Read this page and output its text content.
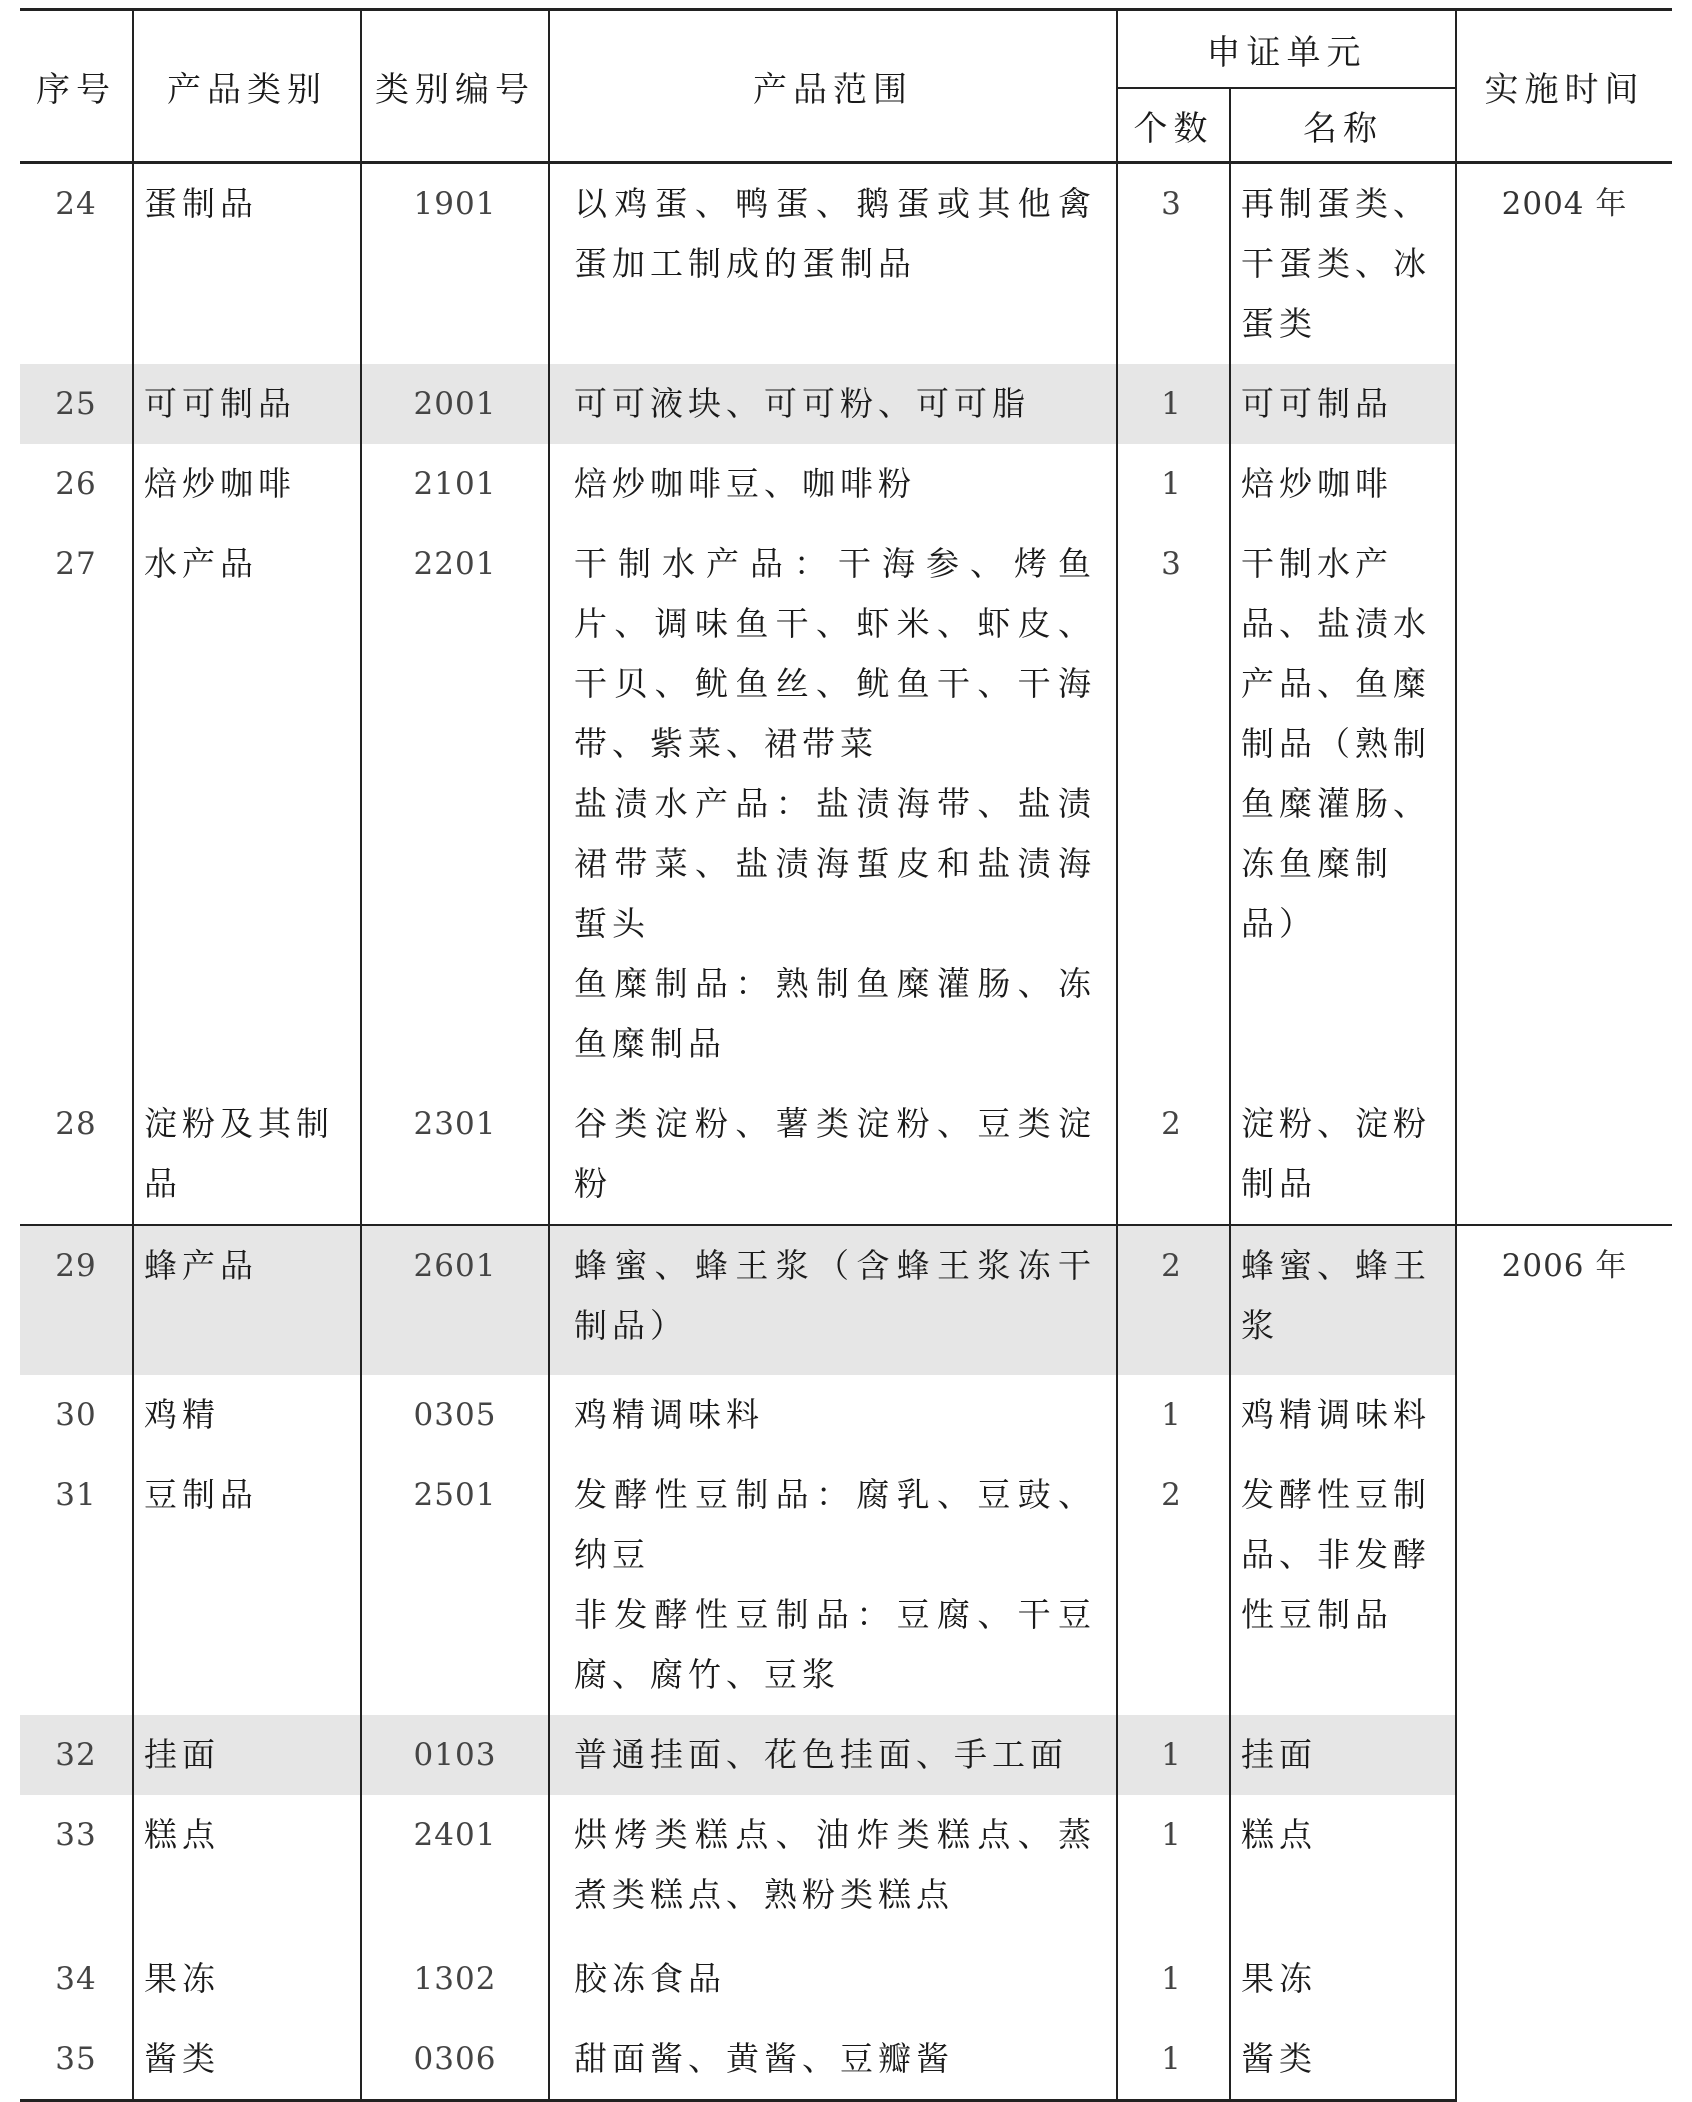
序号	产品类别	类别编号	产品范围	申证单元		实施时间
				个数	名称	
24	蛋制品	1901	以鸡蛋、鸭蛋、鹅蛋或其他禽蛋加工制成的蛋制品	3	再制蛋类、干蛋类、冰蛋类	2004 年
25	可可制品	2001	可可液块、可可粉、可可脂	1	可可制品	
26	焙炒咖啡	2101	焙炒咖啡豆、咖啡粉	1	焙炒咖啡	
27	水产品	2201	干制水产品：干海参、烤鱼片、调味鱼干、虾米、虾皮、干贝、鱿鱼丝、鱿鱼干、干海带、紫菜、裙带菜
盐渍水产品：盐渍海带、盐渍裙带菜、盐渍海蜇皮和盐渍海蜇头
鱼糜制品：熟制鱼糜灌肠、冻鱼糜制品	3	干制水产品、盐渍水产品、鱼糜制品（熟制鱼糜灌肠、冻鱼糜制品）	
28	淀粉及其制品	2301	谷类淀粉、薯类淀粉、豆类淀粉	2	淀粉、淀粉制品	
29	蜂产品	2601	蜂蜜、蜂王浆（含蜂王浆冻干制品）	2	蜂蜜、蜂王浆	2006 年
30	鸡精	0305	鸡精调味料	1	鸡精调味料	
31	豆制品	2501	发酵性豆制品：腐乳、豆豉、纳豆
非发酵性豆制品：豆腐、干豆腐、腐竹、豆浆	2	发酵性豆制品、非发酵性豆制品	
32	挂面	0103	普通挂面、花色挂面、手工面	1	挂面	
33	糕点	2401	烘烤类糕点、油炸类糕点、蒸煮类糕点、熟粉类糕点	1	糕点	
34	果冻	1302	胶冻食品	1	果冻	
35	酱类	0306	甜面酱、黄酱、豆瓣酱	1	酱类	
